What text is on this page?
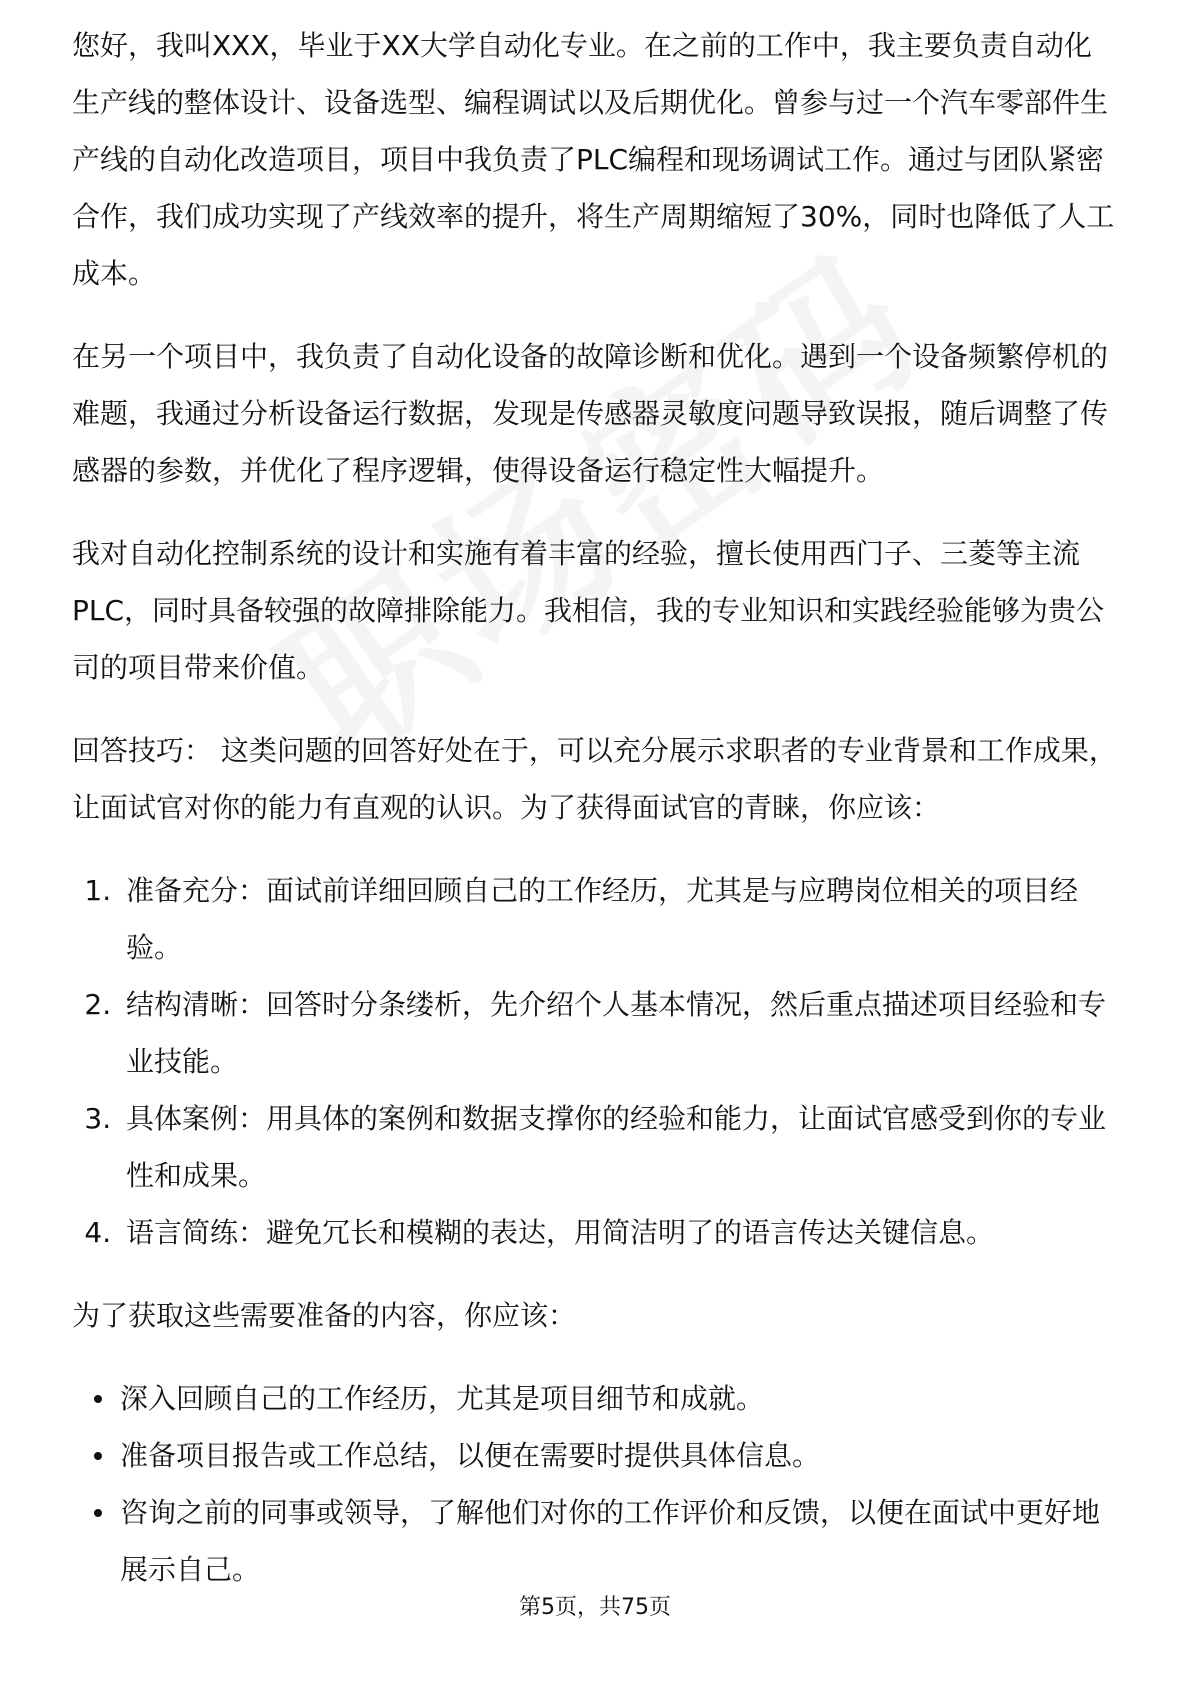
您好，我叫XXX，毕业于XX大学自动化专业。在之前的工作中，我主要负责自动化

生产线的整体设计、设备选型、编程调试以及后期优化。曾参与过一个汽车零部件生产线的自动化改造项目，项目中我负责了PLC编程和现场调试工作。通过与团队紧密合作，我们成功实现了产线效率的提升，将生产周期缩短了30%，同时也降低了人工成本。

在另一个项目中，我负责了自动化设备的故障诊断和优化。遇到一个设备频繁停机的难题，我通过分析设备运行数据，发现是传感器灵敏度问题导致误报，随后调整了传感器的参数，并优化了程序逻辑，使得设备运行稳定性大幅提升。

我对自动化控制系统的设计和实施有着丰富的经验，擅长使用西门子、三菱等主流PLC，同时具备较强的故障排除能力。我相信，我的专业知识和实践经验能够为贵公司的项目带来价值。

回答技巧： 这类问题的回答好处在于，可以充分展示求职者的专业背景和工作成果，让面试官对你的能力有直观的认识。为了获得面试官的青睐，你应该：

1. 准备充分：面试前详细回顾自己的工作经历，尤其是与应聘岗位相关的项目经验。
2. 结构清晰：回答时分条缕析，先介绍个人基本情况，然后重点描述项目经验和专业技能。
3. 具体案例：用具体的案例和数据支撑你的经验和能力，让面试官感受到你的专业性和成果。
4. 语言简练：避免冗长和模糊的表达，用简洁明了的语言传达关键信息。

为了获取这些需要准备的内容，你应该：

深入回顾自己的工作经历，尤其是项目细节和成就。
准备项目报告或工作总结，以便在需要时提供具体信息。
咨询之前的同事或领导，了解他们对你的工作评价和反馈，以便在面试中更好地展示自己。
第5页，共75页
